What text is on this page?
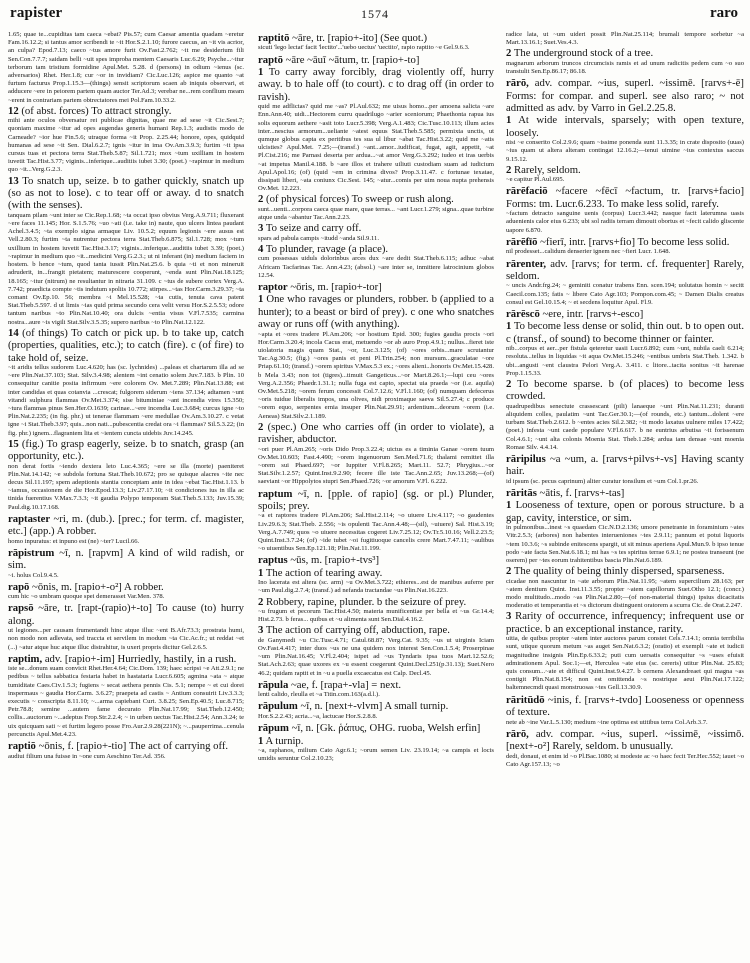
rapister	1574	raro

1.65; quae te...cupiditas tam caeca ~ebat? Pis.57; cum Caesar amentia quadam ~eretur Fam.16.12.2; si tantus amor scribendi te ~it Hor.S.2.1.10; furore caecus, an ~it vis acrior, an culpa? Epod.7.13; caeco ~tus amore furit Ov.Fast.2.762; ~it me desiderium fili Sen.Con.7.7.7; saidam belli ~uit spes improba mentem Caesaris Luc.6.29; Psyche...~itur terborum tam tristium formidine Apul.Met. 5.28. d (persons) in odium ~ienus (sc. adversarios) Rhet. Her.1.8; cur ~or in invidiam? Cic.Luc.126; aspice me quanto ~at furtum facturus Prop.1.15.3—(things) sensit scriptorum scaen ab iniquis observari, et adducere ~ere in peiorem partem quam auctor Ter.Ad.3; verebar ne...rem conflium meam ~erent in contrariam partem obtrectatores mei Pol.Fam.10.33.2.

12 (of abst. forces) To attract strongly.

mihi ante oculos obversatur rei publicae dignitas, quae me ad sese ~it Cic.Sest.7; quoniam maxime ~itur ad opes augendas generis humani Rep.1.3; audistis modo de Carneade? ~ior hue Fin.5.6; utraque forma ~it Prop. 2.25.44; honore, opes, quidquid humanas ad sese ~it Sen. Dial.6.2.7; ignis ~itur in ima Ov.Am.3.9.3; furtim ~it ipsa cursus tuas et pectora terra Stat.Theb.5.87; Sil.1.721; mox ~tum uxilliam in hostem iuvetit Tac.Hist.3.77; viginis...inferique...auditiis iubet 3.30; (poet.) ~rapimur in medium quo ~it...Verg.G.2.3.

13 To snatch up, seize. b to gather quickly, snatch up (so as not to lose). c to tear off or away. d to snatch (with the senses).

tanquam pilam ~unt inter se Cic.Rep.1.68; ~ta occat ipso obvius Verg.A.9.711; fluxerant ~ere faces 11.145; Hor. S.1.5.76; ~uo ~ati (i.e. take in) naute, quo ulcers lintea paudant Achel.3.4.5; ~ta exemplo signa armaque Liv. 10.5.2; equum legionis ~ere ausus est Vell.2.80.3; furtim ~ta nutrentur pectora terra Stat.Theb.6.875; Sil.1.728; mox ~tum uxillium in hostem iuvetit Tac.Hist.3.17; viginis...inferique...auditiis iubet 3.39; (poet.) ~rapimur in medium quo ~it...medicini Verg.G.2.3.; ut ni inferant (in) medium faciem in hostem. b hence ~tum, quod tanta iussit Plin.Nat.25.6. b quia ~ti et non mineruit adruderit, in...frangit pietatem; maturescere cooperunt, ~enda sunt Plin.Nat.18.125; 18.165; ~itur (nitrum) ne resultantur in nitraria 31.109. c ~tus de subere cortex Verg.A. 7.742; praedicta compte ~tis indutum spoliis 10.772; stirpes...~tas Hor.Carm.3.29.37; ~ta comant Ov.Ep.10. 56; membra ~i Mel.15.528; ~ta cutis, tenuia cava patent Stat.Theb.5.597. d ut limis ~ias quid prima secundo cera velit versu Hor.S.2.5.53; odore tantum naribus ~to Plin.Nat.10.40; ora dulcis ~entia visus V.Fl.7.535; carmina nostra...aure ~is vigili Stat.Silv.3.5.35; supero naribus ~to Plin.Nat.12.122.

14 (of things) To catch or pick up. b to take up, catch (properties, qualities, etc.); to catch (fire). c (of fire) to take hold of, seize.

~it aridis tellus sudorem Luc.4.620; has (sc. lychnides) ...paleas et chartarum illa ad se ~ere Plin.Nat.37.103; Stat. Silv.3.4.98; alentem ~int cenatio solem Juv.7.183. b Plin. 10 consequitur canitie posita infirmum ~ere colorem Ov. Met.7.289; Plin.Nat.13.88; est inter candidas et quas cotanvia ...crescat; fulgorem siderum ~iens 37.134; adtamen ~unt vitandi sulphura flammas Ov.Met.3.374; sise bituminiae ~ant incendia vires 15.350; ~tura flammas pinus Sen.Her.O.1639; carinae...~ere incendia Luc.3.684; curcus igne ~to Plin.Nat.2.235; (in fig. phr.) ut tenerae flammam ~ere medullae Ov.Am.3.10.27. c vetat igne ~i Stat.Theb.3.97; quis...non nati...pubescentia credat ora ~i flammas? Sil.5.3.22; (in fig. phr.) ignem...flagrantem lita et ~ientem cuncta uidebis Juv.14.245.

15 (fig.) To grasp eagerly, seize. b to snatch, grasp (an opportunity, etc.).

non derat fortis ~iendo dextera leto Luc.4.365; ~ere se illa (morte) paeniteret Plin.Nat.14.142; ~e subdola fortuna Stat.Theb.10.672; pro se quisque alacres ~ite nec decus Sil.11.197; spem adeptionis stantia conceptam ante in idea ~ebat Tac.Hist.1.13. b ~iamus, occasionem de die Hor.Epod.13.3; Liv.27.17.10; ~it condiciones ius in illa ac tinida fuerentius V.Max.7.3.3; ~it gaudia Polypo temporam Stat.Theb.5.133; Juv.15.39; Paul.dig.10.17.168.

raptaster ~ri, m. (dub.). [prec.; for term. cf. magister, etc.] (app.) A robber.

homo inpuratus: et inpuno est (ne) ~ter? Lucil.66.

rāpistrum ~ī, n. [rapvm] A kind of wild radish, or sim.

~i. holus Col.9.4.5.

rapō ~ōnis, m. [rapio+-o²] A robber.

cum hic ~o umbram quoque spei demerasset Var.Men. 378.

rapsō ~āre, tr. [rapt-(rapio)+-to] To cause (to) hurry along.

ut legiones...per causam frumentandi hinc atque illuc ~ent B.Afr.73.3; prostrata humi, non modo non adlevata, sed traccta et servilem in modum ~ta Cic.Ac.fr.; ut reddat ~et (...) ~atur atque huc atque illuc distrahitur, is uxeri propris dicitur Gel.2.6.5.

raptim, adv. [rapio+-im] Hurriedly, hastily, in a rush.

iste se...donum suam convicit Rhet.Her.4.64; Cic.Dom. 139; haec scripsi ~e Att.2.9.1; ne pedibus ~ tellus sabbatica festaria habet in hastataria Lucr.6.605; agmina ~ata ~ atque tumiditate Caes.Civ.1.5.3; fugiens ~ secat aethera pennis Cis. 5.1; nempe ~ et cui dorei inspermaus ~ gaudia Hor.Carm. 3.6.27; praepeta ad castis ~ Antium consuirit Liv.3.3.3; executis ~ conscripta 8.11.10; ~...arma capiebant Curt. 3.8.25; Sen.Ep.40.5; Luc.8.715; Petr.78.8; semine ...autem fame decurato Plin.Nat.17.99; Stat.Theb.12.450; collis...auctorum ~...adeptus Frop.Str.2.2.4; ~ in urben uectus Tac.Hist.2.54; Ann.3.24; te uix quicquam sati ~ et furtim legero posse Fro.Aur.2.9.28(221N); ~...pauperrima...cenula percunctis Apul.Met.4.23.

raptiō ~ōnis, f. [rapio+-tio] The act of carrying off.

audiui filium una fuisse in ~one cum Aeschino Ter.Ad. 356.

raptitō ~āre, tr. [rapio+-ito] (See quot.)

sicuti 'lego lectat' facit 'lectito'...'uebo uectus' 'uectito', rapio raptito ~e Gel.9.6.3.

raptō ~āre ~āuī ~ātum, tr. [rapio+-to]

1 To carry away forcibly, drag violently off, hurry away. b to hale off (to court). c to drag off (in order to ravish).

quid me adflictas? quid me ~as? Pl.Aul.632; me uisus homo...per amoena salicta ~are Enn.Ann.40; uidi...Hectorem curru quadrilugo ~arier sceniorum; Phaethonta rapua ius solis equorum aethere ~asit toto Lucr.5.398; Verg.A.1.483; Cic.Tusc.10.113; illum acies inter...nescius armorum...ueliante ~atest equus Stat.Theb.5.585; permixta unctis, ut qumque globus capta ex peritibus tes sua ul libur ~abat Tac.Hist.3.22; quid me ~atis ulcisties? Apul.Met. 7.25;—(transf.) ~ant...amor...iudificat, fugat, agit, appetit, ~at Pl.Cist.216; me Parnasi deserta per ardua...~at amor Verg.G.3.292; iudeo et iras uerbis ~at impetus Manil.4.188. b ~are illos et trahere uiliuti custodiam suam ad iudicium Apul.Apol.16; (of) (quid ~em in crimina divos? Prop.3.11.47. c fortunae texatae, dissipati liberi, ~ata coniunx Cic.Sest. 145; ~atur...comis per uim noua nupta prehensis Ov.Met. 12.223.

2 (of physical forces) To sweep or rush along.

sunt...uenti...corpora caeca quae mare, quae terras... ~ant Lucr.1.279; signa...quae turbine atque unda ~abantur Tac.Ann.2.23.

3 To seize and carry off.

spars ad pabula campis ~itudd ~anda Sil.9.11.

4 To plunder, ravage (a place).

cum possessas uiduls dolorinbus arces dux ~are dedit Stat.Theb.6.115; adhuc ~abat Africam Tacfarinas Tac. Ann.4.23; (absol.) ~are inter se, inmittere latrocinium globos 12.54.

raptor ~ōris, m. [rapio+-tor]

1 One who ravages or plunders, robber. b (applied to a hunter); to a beast or bird of prey). c one who snatches away or runs off (with anything).

~apta et ~ores tradere Pl.Am.206; ~or hostium Epid. 300; fugies gaudia procis ~ori Hor.Carm.3.20.4; incola Cacus erat, metuendo ~or ab auro Prop.4.9.1; nullus...fieret iste uiolatoria magis quam Stat., ~or, Luc.3.125; (of) ~ores orbis...mare scrutantur Tac.Ag.30.5; (fig.) ~ores panis et peni Pl.Trin.254; non mursum...graculatae ~ore Priap.61.10; (transf.) ~orem spiritus V.Max.5.3 ex.; ~ores alieni...honoris Ov.Met.15.428. b Mela 3.43; non tot (tigres)...timuit Gangeticus...~or Mart.8.26.1;—lupi ceu ~ores Verg.A.2.356; Phaedr.1.31.1; nulla fuga est capto, spectat uia praeda ~or (i.e. aquila) Ov.Met.5.218; ~orem ferum concessit Col.7.12.6; V.Fl.1.160; (of) numquam defecerus ~oris tuidue liberalis impos, una olives, nidi proximaque saeva Sil.5.27.4; c produce ~orem equo, serpentes ernia insuper Plin.Nat.29.91; ardentium...deorum ~orem (i.e. Aeneas) Stat.Silv.2.1.189.

2 (spec.) One who carries off (in order to violate), a ravisher, abductor.

~ori puer Pl.Am.265; ~oris Dido Prop.3.22.4; uictus es a timinia Ganae ~orem tuum Ov.Met.10.603; Fast.4.490; ~orem ingenuorum Sen.Med.71.6; thalami remittet illa ~orem sui Phaed.697; ~or Iuppiter V.Fl.8.265; Mart.11. 52.7; Phrygius...~or Stat.Silv.1.2.57; Quint.Inst.9.2.90; fecere ille iste Tac.Ann.2.65; Juv.13.268;—(of) saeviant ~or Hippolytos stupri Sen.Phaed.726; ~or amorum V.Fl. 6.222.

raptum ~ī, n. [pple. of rapio] (sg. or pl.) Plunder, spoils; prey.

~a et raptores tradere Pl.Am.206; Sal.Hist.2.114; ~o uiuere Liv.4.117; ~o gaudentes Liv.29.6.3; Stat.Theb. 2.556; ~is opulenti Tac.Ann.4.48;—(sil), ~uiuere) Sal. Hist.3.19; Verg.A.7.749; quos ~o uiuere necessitas cogeret Liv.7.25.12; Ov.Tr.5.10.16; Vell.2.23.5; Quint.Inst.3.7.24; (of) ~ide tubet ~oi fugitiuoque cancelis crere Mart.7.47.11; ~aulibus ~o uiuentibus Sen.Ep.121.18; Plin.Nat.11.199.

raptus ~ūs, m. [rapio+-tvs³]

1 The action of tearing away.

Ino lacerata est altera (sc. arm) ~u Ov.Met.3.722; ethieres...est de manibus auferre per ~um Paul.dig.2.7.4; (transf.) ad nefanda tractandae ~us Plin.Nat.16.223.

2 Robbery, rapine, plunder. b the seizure of prey.

~u frugum et pecorum Tac.Hist.4.50; materia munificentiae per bella et ~us Gr.14.4; Hist.2.73. b feras... quibus et ~u alimenta sunt Sen.Dial.4.16.2.

3 The action of carrying off, abduction, rape.

de Ganymedi ~u Cic.Tusc.4.71; Catul.68.87; Verg.Cat. 9.35; ~us ut uirginis Iciam Ov.Fast.4.417; inter duos ~us ne una quidem nox interest Sen.Con.1.5.4; Proserpinae ~um Plin.Nat.16.45; V.Fl.2.404; istpet ad ~us Tyndaris ipsa tuos Mart.12.52.6; Stat.Ach.2.63; quae uxores ex ~u essent coegerunt Quint.Decl.251(p.31.13); Suet.Nero 46.2; quidam raptit et in ~u a puella excaecatus est Calp. Decl.45.

rāpula ~ae, f. [rapa+-vla] = next.

lenti calido, rleulla et ~a Titin.com.163(a.d.l.).

rāpulum ~ī, n. [next+-vlvm] A small turnip.

Hor.S.2.2.43; acria...~a, lactucae Hor.S.2.8.8.

rāpum ~ī, n. [Gk. ῥάπυς, OHG. ruoba, Welsh erfin]

1 A turnip.

~a, raphanos, milium Cato Agr.6.1; ~orum semen Liv. 23.19.14; ~a campis et locis umidis seruntur Col.2.10.23;

radice lata, ut ~um uideri possit Plin.Nat.25.114; brumali tempore sorbetur ~a Mart.13.16.1; Suet.Ves.4.3.

2 The underground stock of a tree.

magnarum arborum truncos circumcisis ramis et ad unum radicitis pedem cum ~o suo transtulit Sen.Ep.86.17; 86.18.

rārō, adv. compar. ~ius, superl. ~issimē. [rarvs+-ē] Forms: for compar. and superl. see also raro; ~ not admitted as adv. by Varro in Gel.2.25.8.

1 At wide intervals, sparsely; with open texture, loosely.

nisi ~e conserito Col.2.9.6; quam ~issime ponenda sunt 11.3.35; in crate disposito (uuas) ~ius quam ut altera alteram contingat 12.16.2;—tenui uimine ~ius contextus saccus 9.15.12.

2 Rarely, seldom.

~e capitur Pl.Aul.695.

rārēfaciō ~facere ~fēcī ~factum, tr. [rarvs+facio] Forms: tm. Lucr.6.233. To make less solid, rarefy.

~factum detracto sanguine uenis (corpus) Lucr.3.442; nasque facit laterumna uasis aduenienis calor eius 6.233; ubi sol radiis terram dimouit obortus et ~fecit calido gliscente uapore 6.870.

rārēfīō ~fierī, intr. [rarvs+fio] To become less solid.

nil prodesset...calidum denserier ignem nec ~fieri Lucr. 1.648.

rārenter, adv. [rarvs; for term. cf. frequenter] Rarely, seldom.

~ uncis Andr.frg.24; ~ geminiti conatur trabens Enn. scen.194; uolutatus homin ~ secitt Caecil.com.135; fatis ~ libere Cato Agr.103; Pompon.com.45; ~ Damen Dialis creatus consul est Gel.10.15.4; ~ et secdens loquitur Apul. Fl.9.

rārēscō ~ere, intr. [rarvs+-esco]

1 To become less dense or solid, thin out. b to open out. c (transf., of sound) to become thinner or fainter.

nib...corpus et aer...per fistula qeteretur uasii Lucr.6.892; cum ~unt, nubila caeli 6.214; resoluta...tellus in liquidas ~it aqua Ov.Met.15.246; ~entibus umbris Stat.Theb. 1.342. b ubi...angusti ~ent claustra Pelori Verg.A. 3.411. c litore...tacita sonitus ~it harenae Prop.1.15.33.

2 To become sparse. b (of places) to become less crowded.

quadrupedibus senectute crassescant (pili) lanaeque ~unt Plin.Nat.11.231; duranti aliquidem colles, paulatim ~unt Tac.Ger.30.1;—(of rounds, etc.) tantum...dolent ~ere turbam Stat.Theb.2.612. b ~entes acies Sil.2.382; ~it modo laxatus uulnere miles 17.422; (poet.) infesta ~unt caede populare V.Fl.6.617. b ne euntrius arbutisa ~it forissenum Col.4.6.1; ~unt alta colonis Moenia Stat. Theb.1.284; ardua iam densae ~unt moenia Romae Silv. 4.4.14.

rāripilus ~a ~um, a. [rarvs+pilvs+-vs] Having scanty hair.

id ipsum (sc. pecus caprinum) aliter curatur tonsilum et ~um Col.1.pr.26.

rāritās ~ātis, f. [rarvs+-tas]

1 Looseness of texture, open or porous structure. b a gap, cavity, interstice, or sim.

in pulmonibus...inest ~s quaedam Cic.N.D.2.136; umore penetrante in foraminium ~ates Vitr.2.5.3; (arbores) non habentes interueniones ~tes 2.9.11; pannum et potui liquoris ~tem 10.3.6; ~s subinde enitescens spargit, ut sit minus aperiens Apul.Mun.9. b ipso tenue podo ~ate facta Sen.Nat.6.18.1; mi has ~s tes spiritus terrae 6.9.1; ne postea transeunt (ne oserem) per ~tes eorum trahitentibus bascia Plin.Nat.6.189.

2 The quality of being thinly dispersed, sparseness.

cicadae non nascuntur in ~ate arborum Plin.Nat.11.95; ~atem supercilium 28.163; per ~atem dentium Quint. Inst.11.3.55; propter ~atem capillorum Suet.Otho 12.1; (concr.) modo multitudo...modo ~as Plin.Nat.2.80;—(of non-material things) ipsius dicacitatis moderatio et temperantia et ~s dictorum distinguent oratorem a scurra Cic. de Orat.2.247.

3 Rarity of occurrence, infrequency; infrequent use or practice. b an exceptional instance, rarity.

uitia, de quibus propter ~atem inter auctores parum constet Cels.7.14.1; omnia terribilia sunt, utique quorum metum ~as auget Sen.Nat.6.3.2; (oratio) et exempli ~ate et iudicii magnitudine insignis Plin.Ep.6.33.2; puti cum uersatis consequitur ~s ~uses efuisit admirationem Apul. Soc.1;—et, Herculea ~ate eius (sc. cereris) utitur Plin.Nat. 25.83; quis consum...~ate et difficul Quint.Inst.9.4.27. b cernens Alexandreaet qui magna ~as contigit Plin.Nat.8.154; non est omittenda ~s nostrique aeui Plin.Nat.17.122; baltemnecmdi quasi monstruosas ~tes Gell.13.30.9.

rāritūdō ~inis, f. [rarvs+-tvdo] Looseness or openness of texture.

nete ab ~ine Var.L.5.130; medium ~ine optima est utitibus terra Col.Arb.3.7.

rārō, adv. compar. ~ius, superl. ~issimē, ~issimō. [next+-o²] Rarely, seldom. b unusually.

dedi, donaui, et enim id ~o Pl.Bac.1080; si modeste ac ~o haec fecit Ter.Hec.552; iauet ~o Cato Agr.157.13; ~o
